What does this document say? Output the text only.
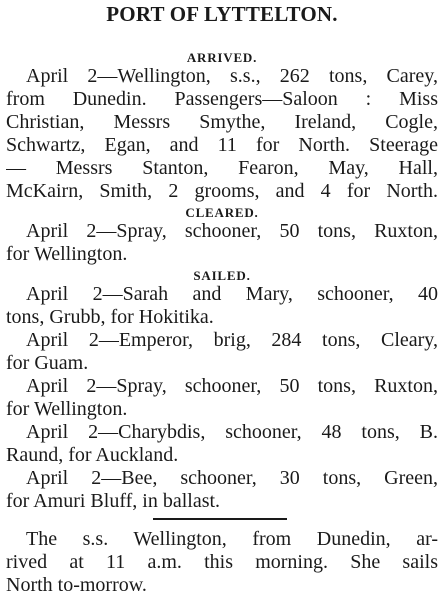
PORT OF LYTTELTON.
ARRIVED.
April 2—Wellington, s.s., 262 tons, Carey,
from Dunedin. Passengers—Saloon : Miss
Christian, Messrs Smythe, Ireland, Cogle,
Schwartz, Egan, and 11 for North. Steerage
— Messrs Stanton, Fearon, May, Hall,
McKairn, Smith, 2 grooms, and 4 for North.
CLEARED.
April 2—Spray, schooner, 50 tons, Ruxton,
for Wellington.
SAILED.
April 2—Sarah and Mary, schooner, 40
tons, Grubb, for Hokitika.
April 2—Emperor, brig, 284 tons, Cleary,
for Guam.
April 2—Spray, schooner, 50 tons, Ruxton,
for Wellington.
April 2—Charybdis, schooner, 48 tons, B.
Raund, for Auckland.
April 2—Bee, schooner, 30 tons, Green,
for Amuri Bluff, in ballast.
The s.s. Wellington, from Dunedin, ar-
rived at 11 a.m. this morning. She sails
North to-morrow.
